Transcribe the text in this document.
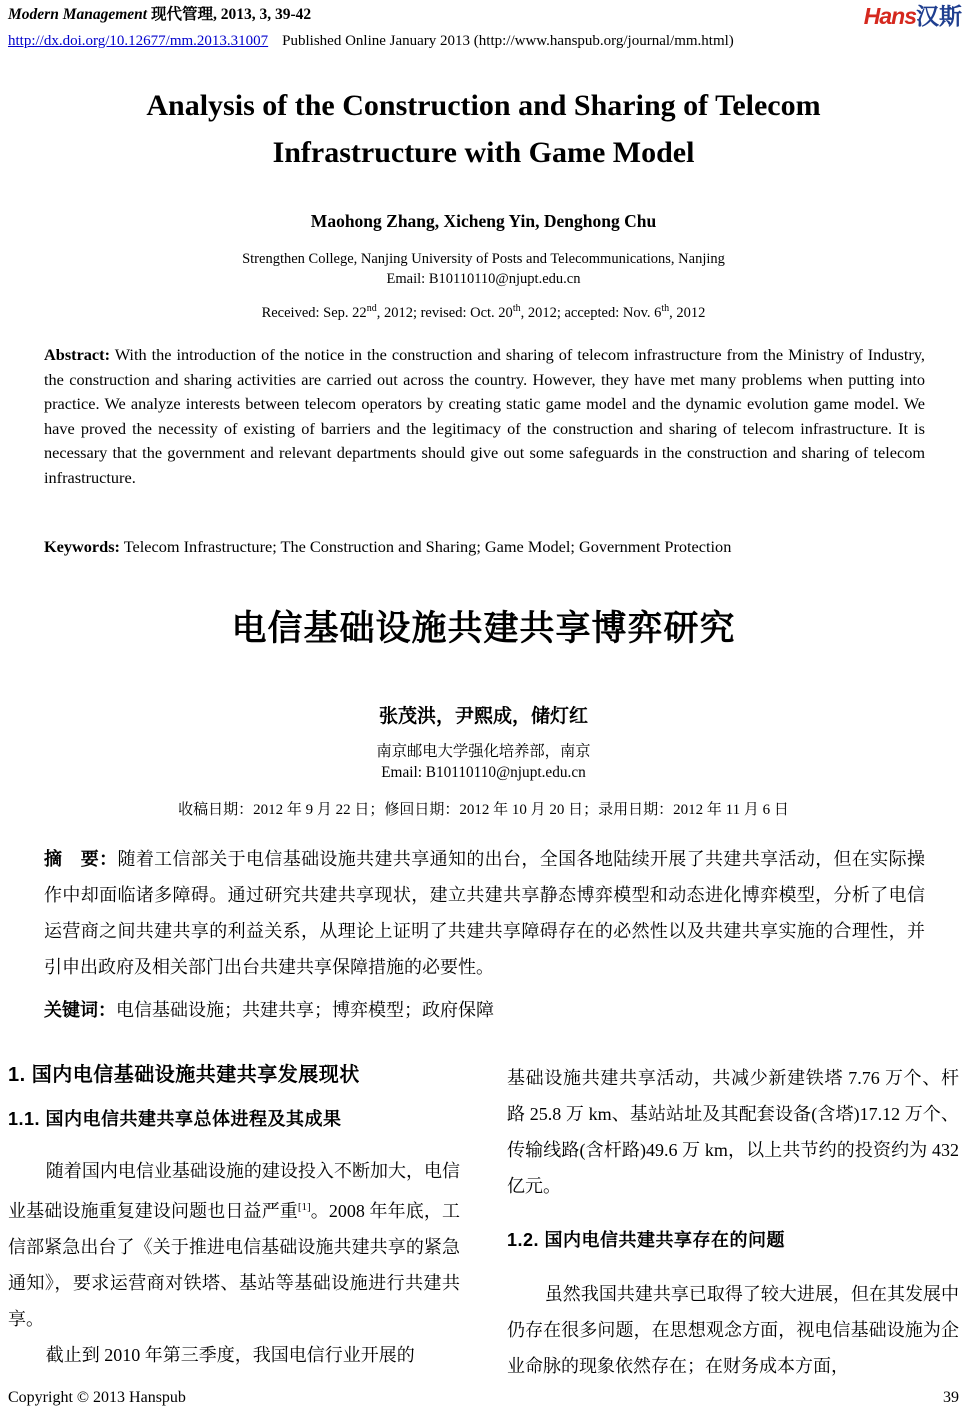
Modern Management 现代管理, 2013, 3, 39-42	Hans汉斯
http://dx.doi.org/10.12677/mm.2013.31007 Published Online January 2013 (http://www.hanspub.org/journal/mm.html)
Analysis of the Construction and Sharing of Telecom
Infrastructure with Game Model
Maohong Zhang, Xicheng Yin, Denghong Chu
Strengthen College, Nanjing University of Posts and Telecommunications, Nanjing
Email: B10110110@njupt.edu.cn
Received: Sep. 22nd, 2012; revised: Oct. 20th, 2012; accepted: Nov. 6th, 2012
Abstract: With the introduction of the notice in the construction and sharing of telecom infrastructure from the Ministry of Industry, the construction and sharing activities are carried out across the country. However, they have met many problems when putting into practice. We analyze interests between telecom operators by creating static game model and the dynamic evolution game model. We have proved the necessity of existing of barriers and the legitimacy of the construction and sharing of telecom infrastructure. It is necessary that the government and relevant departments should give out some safeguards in the construction and sharing of telecom infrastructure.
Keywords: Telecom Infrastructure; The Construction and Sharing; Game Model; Government Protection
电信基础设施共建共享博弈研究
张茂洪，尹熙成，储灯红
南京邮电大学强化培养部，南京
Email: B10110110@njupt.edu.cn
收稿日期：2012 年 9 月 22 日；修回日期：2012 年 10 月 20 日；录用日期：2012 年 11 月 6 日
摘　要：随着工信部关于电信基础设施共建共享通知的出台，全国各地陆续开展了共建共享活动，但在实际操作中却面临诸多障碍。通过研究共建共享现状，建立共建共享静态博弈模型和动态进化博弈模型，分析了电信运营商之间共建共享的利益关系，从理论上证明了共建共享障碍存在的必然性以及共建共享实施的合理性，并引申出政府及相关部门出台共建共享保障措施的必要性。
关键词：电信基础设施；共建共享；博弈模型；政府保障
1. 国内电信基础设施共建共享发展现状
1.1. 国内电信共建共享总体进程及其成果

随着国内电信业基础设施的建设投入不断加大，电信业基础设施重复建设问题也日益严重[1]。2008 年年底，工信部紧急出台了《关于推进电信基础设施共建共享的紧急通知》，要求运营商对铁塔、基站等基础设施进行共建共享。

截止到 2010 年第三季度，我国电信行业开展的

基础设施共建共享活动，共减少新建铁塔 7.76 万个、杆路 25.8 万 km、基站站址及其配套设备(含塔)17.12 万个、传输线路(含杆路)49.6 万 km，以上共节约的投资约为 432 亿元。

1.2. 国内电信共建共享存在的问题

虽然我国共建共享已取得了较大进展，但在其发展中仍存在很多问题，在思想观念方面，视电信基础设施为企业命脉的现象依然存在；在财务成本方面，

Copyright © 2013 Hanspub	39
